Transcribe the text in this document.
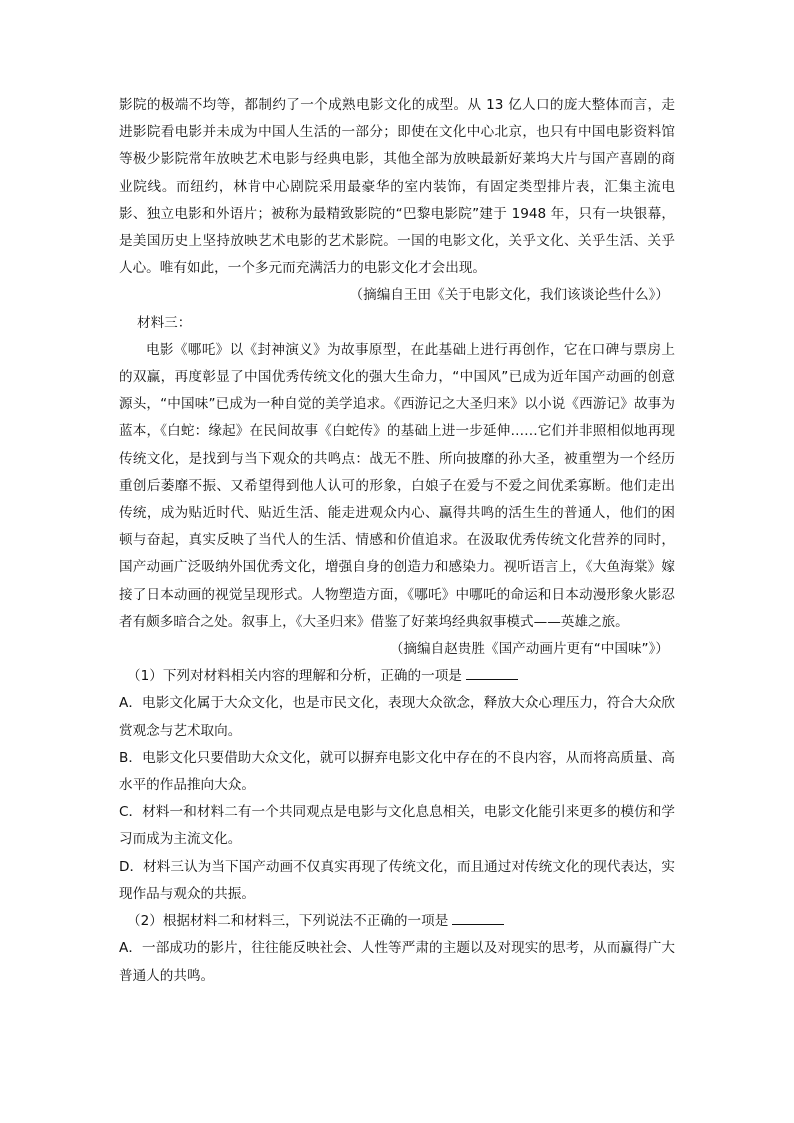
影院的极端不均等，都制约了一个成熟电影文化的成型。从 13 亿人口的庞大整体而言，走进影院看电影并未成为中国人生活的一部分；即使在文化中心北京，也只有中国电影资料馆等极少影院常年放映艺术电影与经典电影，其他全部为放映最新好莱坞大片与国产喜剧的商业院线。而纽约，林肯中心剧院采用最豪华的室内装饰，有固定类型排片表，汇集主流电影、独立电影和外语片；被称为最精致影院的“巴黎电影院”建于 1948 年，只有一块银幕，是美国历史上坚持放映艺术电影的艺术影院。一国的电影文化，关乎文化、关乎生活、关乎人心。唯有如此，一个多元而充满活力的电影文化才会出现。

（摘编自王田《关于电影文化，我们该谈论些什么》）

材料三：

电影《哪吒》以《封神演义》为故事原型，在此基础上进行再创作，它在口碑与票房上的双赢，再度彰显了中国优秀传统文化的强大生命力，“中国风”已成为近年国产动画的创意源头，“中国味”已成为一种自觉的美学追求。《西游记之大圣归来》以小说《西游记》故事为蓝本，《白蛇：缘起》在民间故事《白蛇传》的基础上进一步延伸……它们并非照相似地再现传统文化，是找到与当下观众的共鸣点：战无不胜、所向披靡的孙大圣，被重塑为一个经历重创后萎靡不振、又希望得到他人认可的形象，白娘子在爱与不爱之间优柔寡断。他们走出传统，成为贴近时代、贴近生活、能走进观众内心、赢得共鸣的活生生的普通人，他们的困顿与奋起，真实反映了当代人的生活、情感和价值追求。在汲取优秀传统文化营养的同时，国产动画广泛吸纳外国优秀文化，增强自身的创造力和感染力。视听语言上，《大鱼海棠》嫁接了日本动画的视觉呈现形式。人物塑造方面，《哪吒》中哪吒的命运和日本动漫形象火影忍者有颇多暗合之处。叙事上，《大圣归来》借鉴了好莱坞经典叙事模式——英雄之旅。

（摘编自赵贵胜《国产动画片更有“中国味”》）

（1）下列对材料相关内容的理解和分析，正确的一项是

A．电影文化属于大众文化，也是市民文化，表现大众欲念，释放大众心理压力，符合大众欣赏观念与艺术取向。

B．电影文化只要借助大众文化，就可以摒弃电影文化中存在的不良内容，从而将高质量、高水平的作品推向大众。

C．材料一和材料二有一个共同观点是电影与文化息息相关，电影文化能引来更多的模仿和学习而成为主流文化。

D．材料三认为当下国产动画不仅真实再现了传统文化，而且通过对传统文化的现代表达，实现作品与观众的共振。

（2）根据材料二和材料三，下列说法不正确的一项是

A．一部成功的影片，往往能反映社会、人性等严肃的主题以及对现实的思考，从而赢得广大普通人的共鸣。
